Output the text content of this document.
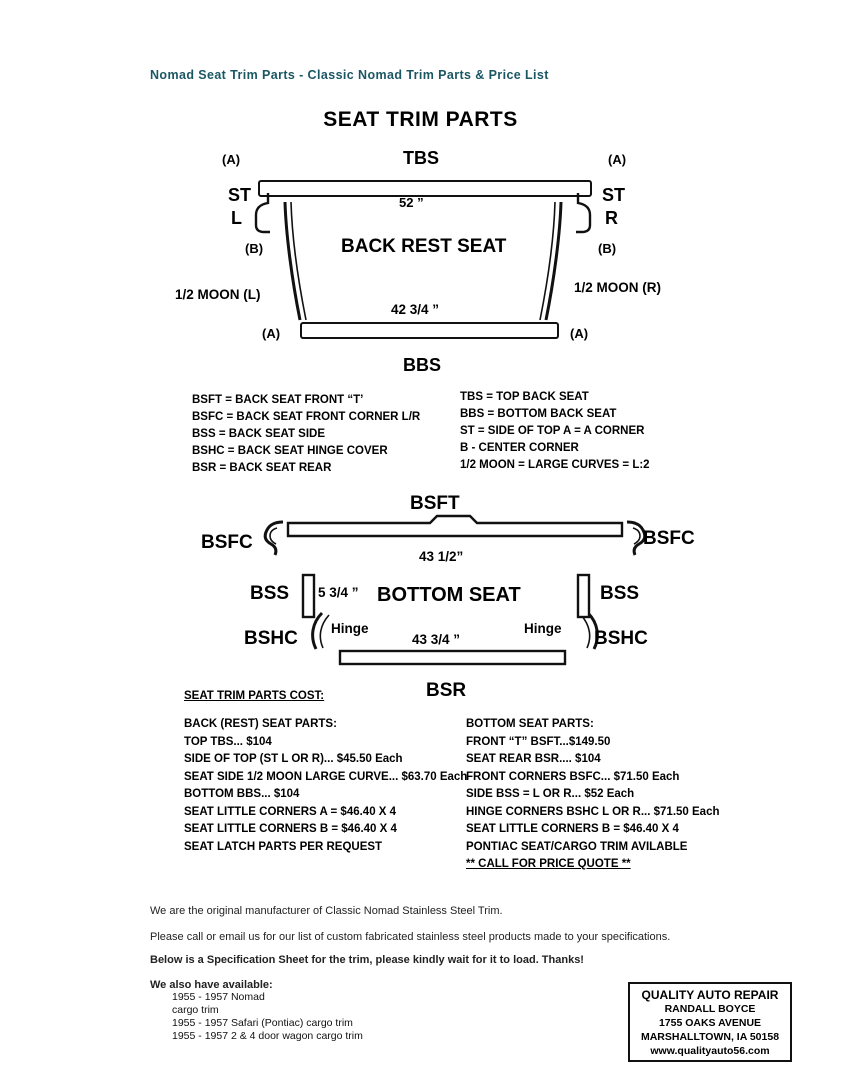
Nomad Seat Trim Parts - Classic Nomad Trim Parts & Price List
SEAT TRIM PARTS
TBS
(A)	(A)
ST
L
ST
R
52 ”
(B)	(B)
BACK REST SEAT
1/2 MOON (L)	1/2 MOON (R)
42 3/4 ”
(A)	(A)
BBS
BSFT = BACK SEAT FRONT “T’
BSFC = BACK SEAT FRONT CORNER L/R
BSS = BACK SEAT SIDE
BSHC = BACK SEAT HINGE COVER
BSR = BACK SEAT REAR
TBS = TOP BACK SEAT
BBS = BOTTOM BACK SEAT
ST = SIDE OF TOP A = A CORNER
B - CENTER CORNER
1/2 MOON = LARGE CURVES = L:2
BSFT
BSFC	BSFC
43 1/2”
BSS	BSS
5 3/4 ” BOTTOM SEAT
Hinge	Hinge
43 3/4 ”
BSHC	BSHC
BSR
SEAT TRIM PARTS COST:
BACK (REST) SEAT PARTS:
TOP TBS... $104
SIDE OF TOP (ST L OR R)... $45.50 Each
SEAT SIDE 1/2 MOON LARGE CURVE... $63.70 Each
BOTTOM BBS... $104
SEAT LITTLE CORNERS A = $46.40 X 4
SEAT LITTLE CORNERS B = $46.40 X 4
SEAT LATCH PARTS PER REQUEST
BOTTOM SEAT PARTS:
FRONT “T” BSFT...$149.50
SEAT REAR BSR.... $104
FRONT CORNERS BSFC... $71.50 Each
SIDE BSS = L OR R... $52 Each
HINGE CORNERS BSHC L OR R... $71.50 Each
SEAT LITTLE CORNERS B = $46.40 X 4
PONTIAC SEAT/CARGO TRIM AVILABLE
** CALL FOR PRICE QUOTE **
We are the original manufacturer of Classic Nomad Stainless Steel Trim.
Please call or email us for our list of custom fabricated stainless steel products made to your specifications.
Below is a Specification Sheet for the trim, please kindly wait for it to load. Thanks!
We also have available:
1955 - 1957 Nomad
cargo trim
1955 - 1957 Safari (Pontiac) cargo trim
1955 - 1957 2 & 4 door wagon cargo trim
QUALITY AUTO REPAIR
RANDALL BOYCE
1755 OAKS AVENUE
MARSHALLTOWN, IA 50158
www.qualityauto56.com
